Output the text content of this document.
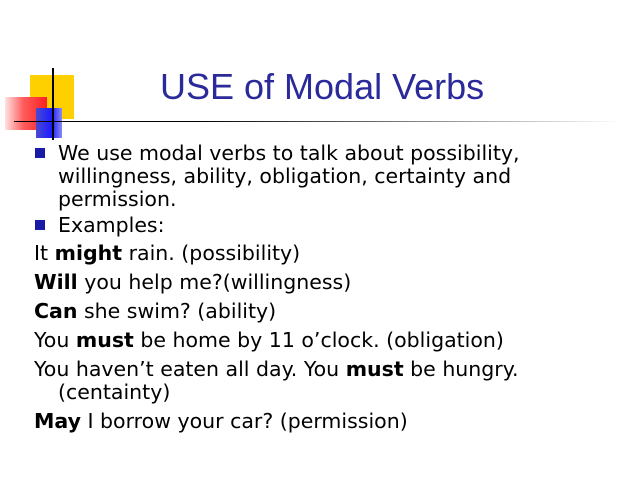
USE of Modal Verbs
We use modal verbs to talk about possibility, willingness, ability, obligation, certainty and permission.
Examples:
It might rain. (possibility)
Will you help me?(willingness)
Can she swim? (ability)
You must be home by 11 o’clock. (obligation)
You haven’t eaten all day. You must be hungry. (centainty)
May I borrow your car? (permission)
